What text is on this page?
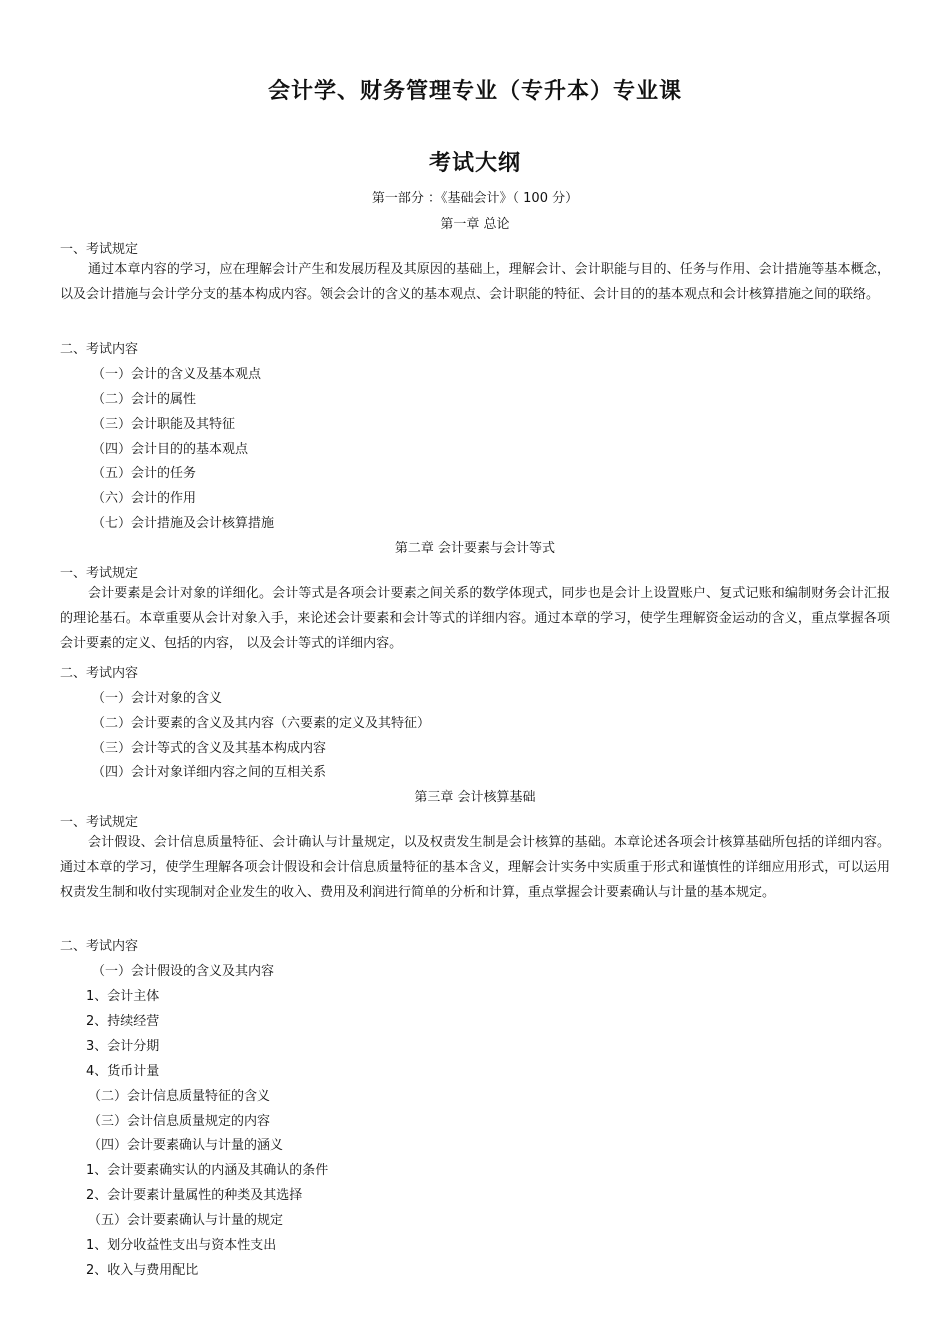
会计学、财务管理专业（专升本）专业课
考试大纲
第一部分 ：《基础会计》（ 100 分）
第一章 总论
一、考试规定
通过本章内容的学习，应在理解会计产生和发展历程及其原因的基础上，理解会计、会计职能与目的、任务与作用、会计措施等基本概念，以及会计措施与会计学分支的基本构成内容。领会会计的含义的基本观点、会计职能的特征、会计目的的基本观点和会计核算措施之间的联络。
二、考试内容
（一）会计的含义及基本观点
（二）会计的属性
（三）会计职能及其特征
（四）会计目的的基本观点
（五）会计的任务
（六）会计的作用
（七）会计措施及会计核算措施
第二章 会计要素与会计等式
一、考试规定
会计要素是会计对象的详细化。会计等式是各项会计要素之间关系的数学体现式，同步也是会计上设置账户、复式记账和编制财务会计汇报的理论基石。本章重要从会计对象入手，来论述会计要素和会计等式的详细内容。通过本章的学习，使学生理解资金运动的含义，重点掌握各项会计要素的定义、包括的内容， 以及会计等式的详细内容。
二、考试内容
（一）会计对象的含义
（二）会计要素的含义及其内容（六要素的定义及其特征）
（三）会计等式的含义及其基本构成内容
（四）会计对象详细内容之间的互相关系
第三章 会计核算基础
一、考试规定
会计假设、会计信息质量特征、会计确认与计量规定，以及权责发生制是会计核算的基础。本章论述各项会计核算基础所包括的详细内容。通过本章的学习，使学生理解各项会计假设和会计信息质量特征的基本含义，理解会计实务中实质重于形式和谨慎性的详细应用形式，可以运用权责发生制和收付实现制对企业发生的收入、费用及利润进行简单的分析和计算，重点掌握会计要素确认与计量的基本规定。
二、考试内容
（一）会计假设的含义及其内容
1、会计主体
2、持续经营
3、会计分期
4、货币计量
（二）会计信息质量特征的含义
（三）会计信息质量规定的内容
（四）会计要素确认与计量的涵义
1、会计要素确实认的内涵及其确认的条件
2、会计要素计量属性的种类及其选择
（五）会计要素确认与计量的规定
1、划分收益性支出与资本性支出
2、收入与费用配比
